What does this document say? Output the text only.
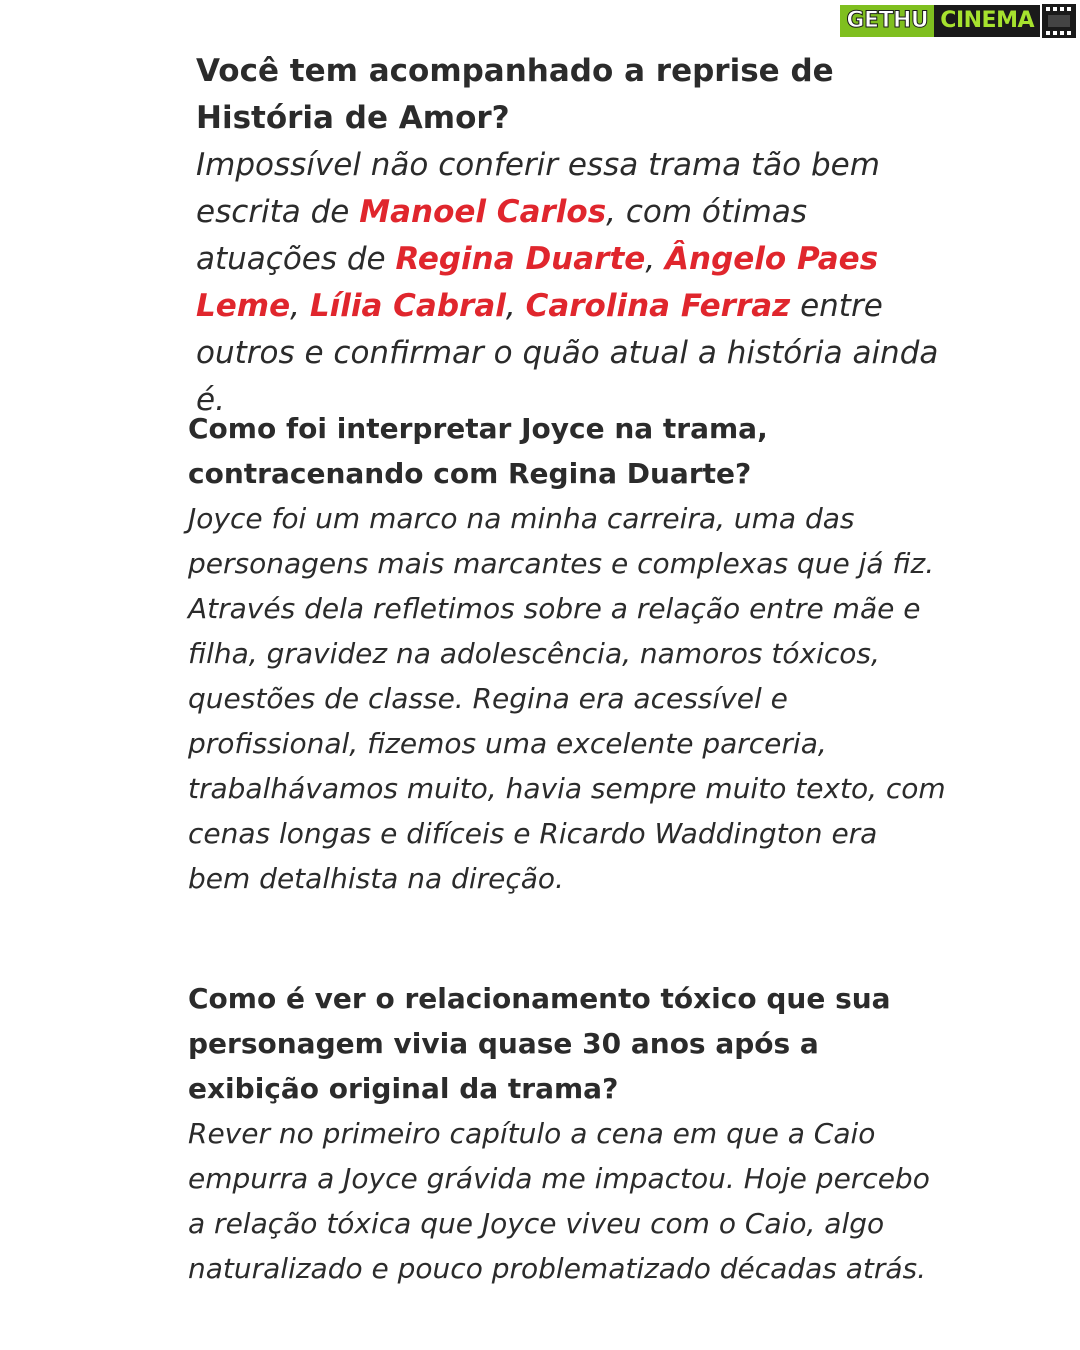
GETHU CINEMA

Você tem acompanhado a reprise de História de Amor?

Impossível não conferir essa trama tão bem escrita de Manoel Carlos, com ótimas atuações de Regina Duarte, Ângelo Paes Leme, Lília Cabral, Carolina Ferraz entre outros e confirmar o quão atual a história ainda é.

Como foi interpretar Joyce na trama, contracenando com Regina Duarte?

Joyce foi um marco na minha carreira, uma das personagens mais marcantes e complexas que já fiz. Através dela refletimos sobre a relação entre mãe e filha, gravidez na adolescência, namoros tóxicos, questões de classe. Regina era acessível e profissional, fizemos uma excelente parceria, trabalhávamos muito, havia sempre muito texto, com cenas longas e difíceis e Ricardo Waddington era bem detalhista na direção.

Como é ver o relacionamento tóxico que sua personagem vivia quase 30 anos após a exibição original da trama?

Rever no primeiro capítulo a cena em que a Caio empurra a Joyce grávida me impactou. Hoje percebo a relação tóxica que Joyce viveu com o Caio, algo naturalizado e pouco problematizado décadas atrás.
